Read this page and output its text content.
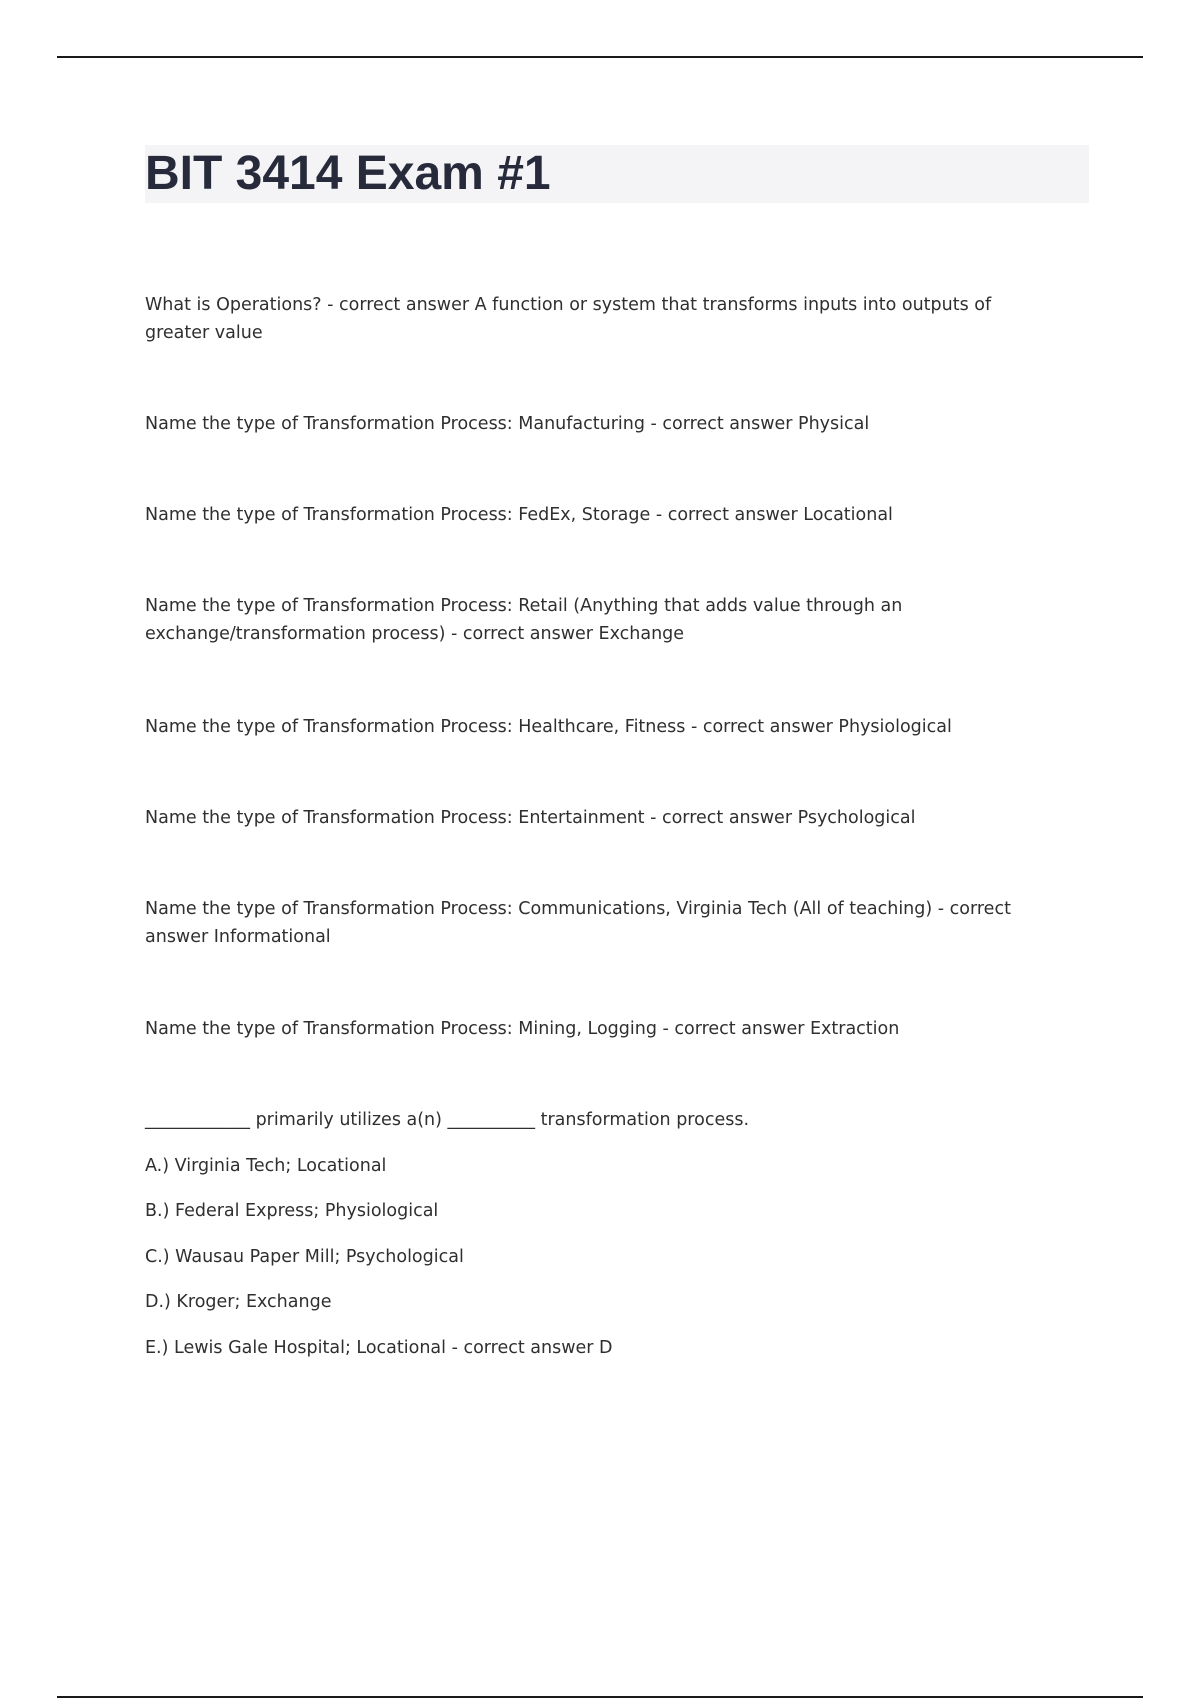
BIT 3414 Exam #1

What is Operations? - correct answer A function or system that transforms inputs into outputs of greater value

Name the type of Transformation Process: Manufacturing - correct answer Physical

Name the type of Transformation Process: FedEx, Storage - correct answer Locational

Name the type of Transformation Process: Retail (Anything that adds value through an exchange/transformation process) - correct answer Exchange

Name the type of Transformation Process: Healthcare, Fitness - correct answer Physiological

Name the type of Transformation Process: Entertainment - correct answer Psychological

Name the type of Transformation Process: Communications, Virginia Tech (All of teaching) - correct answer Informational

Name the type of Transformation Process: Mining, Logging - correct answer Extraction

____________ primarily utilizes a(n) __________ transformation process.

A.) Virginia Tech; Locational

B.) Federal Express; Physiological

C.) Wausau Paper Mill; Psychological

D.) Kroger; Exchange

E.) Lewis Gale Hospital; Locational - correct answer D
